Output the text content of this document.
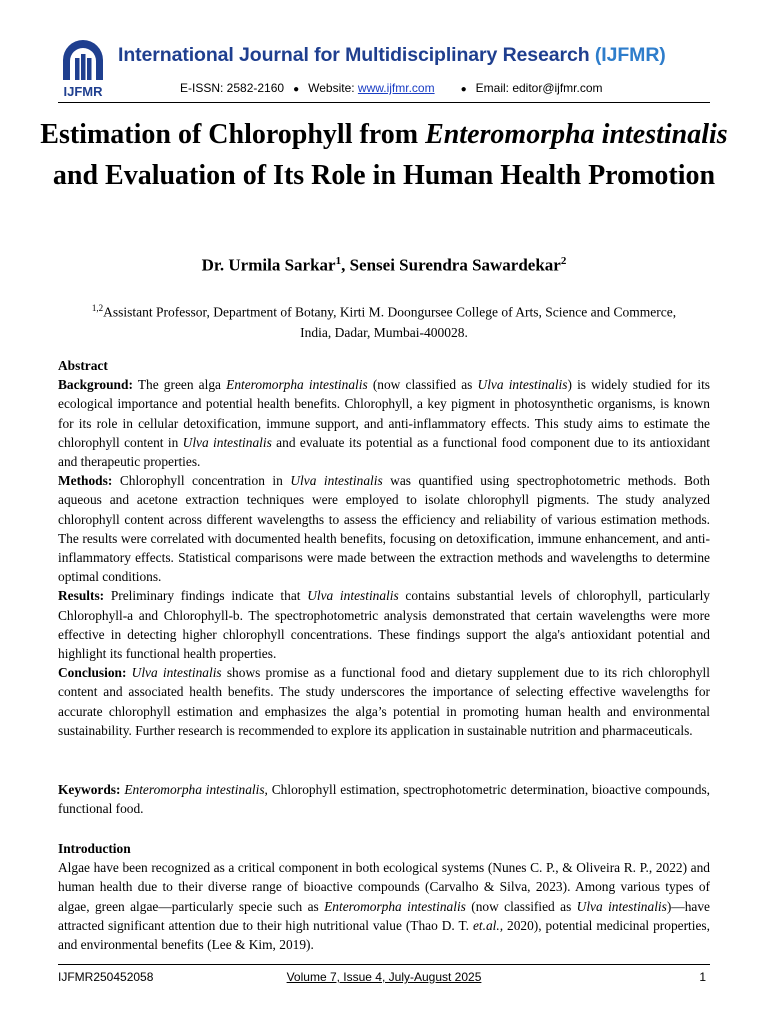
IJFMR
International Journal for Multidisciplinary Research (IJFMR)
E-ISSN: 2582-2160 ● Website: www.ijfmr.com	● Email: editor@ijfmr.com
Estimation of Chlorophyll from Enteromorpha intestinalis and Evaluation of Its Role in Human Health Promotion
Dr. Urmila Sarkar$^1$, Sensei Surendra Sawardekar$^2$
$^{1,2}$Assistant Professor, Department of Botany, Kirti M. Doongursee College of Arts, Science and Commerce, India, Dadar, Mumbai-400028.

Abstract

Background: The green alga Enteromorpha intestinalis (now classified as Ulva intestinalis) is widely studied for its ecological importance and potential health benefits. Chlorophyll, a key pigment in photosynthetic organisms, is known for its role in cellular detoxification, immune support, and anti-inflammatory effects. This study aims to estimate the chlorophyll content in Ulva intestinalis and evaluate its potential as a functional food component due to its antioxidant and therapeutic properties.

Methods: Chlorophyll concentration in Ulva intestinalis was quantified using spectrophotometric methods. Both aqueous and acetone extraction techniques were employed to isolate chlorophyll pigments. The study analyzed chlorophyll content across different wavelengths to assess the efficiency and reliability of various estimation methods. The results were correlated with documented health benefits, focusing on detoxification, immune enhancement, and anti-inflammatory effects. Statistical comparisons were made between the extraction methods and wavelengths to determine optimal conditions.

Results: Preliminary findings indicate that Ulva intestinalis contains substantial levels of chlorophyll, particularly Chlorophyll-a and Chlorophyll-b. The spectrophotometric analysis demonstrated that certain wavelengths were more effective in detecting higher chlorophyll concentrations. These findings support the alga's antioxidant potential and highlight its functional health properties.

Conclusion: Ulva intestinalis shows promise as a functional food and dietary supplement due to its rich chlorophyll content and associated health benefits. The study underscores the importance of selecting effective wavelengths for accurate chlorophyll estimation and emphasizes the alga’s potential in promoting human health and environmental sustainability. Further research is recommended to explore its application in sustainable nutrition and pharmaceuticals.

Keywords: Enteromorpha intestinalis, Chlorophyll estimation, spectrophotometric determination, bioactive compounds, functional food.

Introduction

Algae have been recognized as a critical component in both ecological systems (Nunes C. P., & Oliveira R. P., 2022) and human health due to their diverse range of bioactive compounds (Carvalho & Silva, 2023). Among various types of algae, green algae—particularly specie such as Enteromorpha intestinalis (now classified as Ulva intestinalis)—have attracted significant attention due to their high nutritional value (Thao D. T. et.al., 2020), potential medicinal properties, and environmental benefits (Lee & Kim, 2019).

IJFMR250452058	Volume 7, Issue 4, July-August 2025	1
